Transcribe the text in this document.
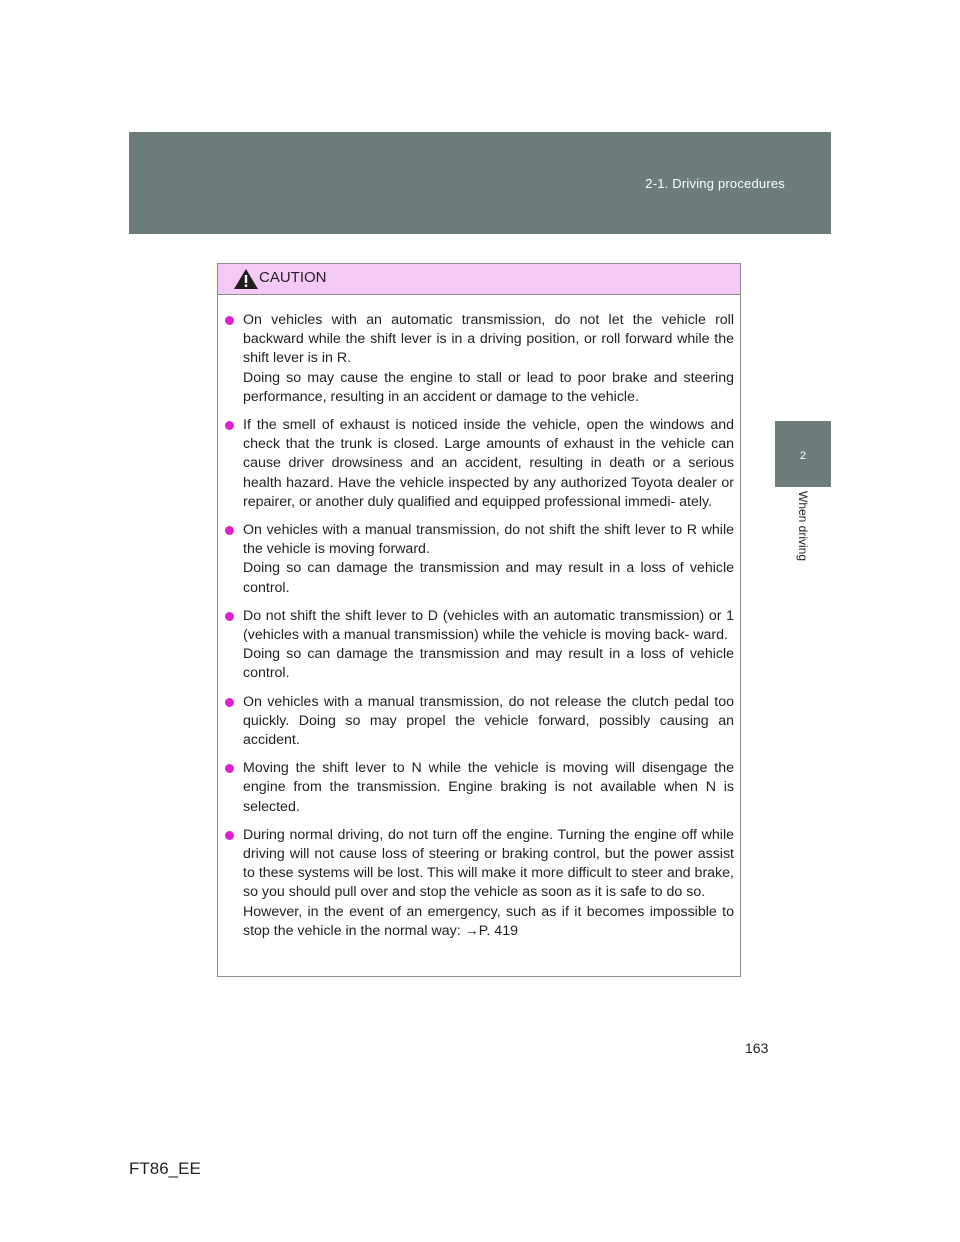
2-1. Driving procedures
2
When driving
CAUTION
On vehicles with an automatic transmission, do not let the vehicle roll backward while the shift lever is in a driving position, or roll forward while the shift lever is in R.
Doing so may cause the engine to stall or lead to poor brake and steering performance, resulting in an accident or damage to the vehicle.
If the smell of exhaust is noticed inside the vehicle, open the windows and check that the trunk is closed. Large amounts of exhaust in the vehicle can cause driver drowsiness and an accident, resulting in death or a serious health hazard. Have the vehicle inspected by any authorized Toyota dealer or repairer, or another duly qualified and equipped professional immedi- ately.
On vehicles with a manual transmission, do not shift the shift lever to R while the vehicle is moving forward.
Doing so can damage the transmission and may result in a loss of vehicle control.
Do not shift the shift lever to D (vehicles with an automatic transmission) or 1 (vehicles with a manual transmission) while the vehicle is moving back- ward.
Doing so can damage the transmission and may result in a loss of vehicle control.
On vehicles with a manual transmission, do not release the clutch pedal too quickly. Doing so may propel the vehicle forward, possibly causing an accident.
Moving the shift lever to N while the vehicle is moving will disengage the engine from the transmission. Engine braking is not available when N is selected.
During normal driving, do not turn off the engine. Turning the engine off while driving will not cause loss of steering or braking control, but the power assist to these systems will be lost. This will make it more difficult to steer and brake, so you should pull over and stop the vehicle as soon as it is safe to do so.
However, in the event of an emergency, such as if it becomes impossible to stop the vehicle in the normal way: →P. 419
163
FT86_EE
